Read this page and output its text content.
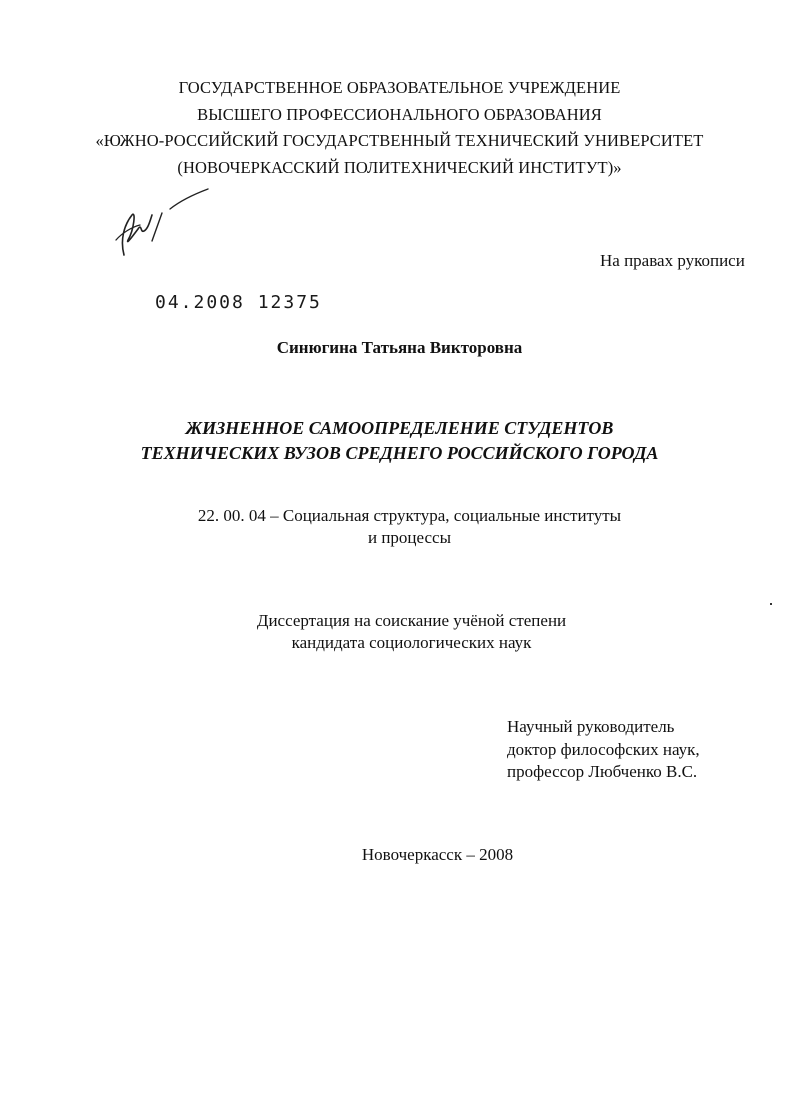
ГОСУДАРСТВЕННОЕ ОБРАЗОВАТЕЛЬНОЕ УЧРЕЖДЕНИЕ
ВЫСШЕГО ПРОФЕССИОНАЛЬНОГО ОБРАЗОВАНИЯ
«ЮЖНО-РОССИЙСКИЙ ГОСУДАРСТВЕННЫЙ ТЕХНИЧЕСКИЙ УНИВЕРСИТЕТ
(НОВОЧЕРКАССКИЙ ПОЛИТЕХНИЧЕСКИЙ ИНСТИТУТ)»
На правах рукописи
04.2008 12375
Синюгина Татьяна Викторовна
ЖИЗНЕННОЕ САМООПРЕДЕЛЕНИЕ СТУДЕНТОВ
ТЕХНИЧЕСКИХ ВУЗОВ СРЕДНЕГО РОССИЙСКОГО ГОРОДА
22. 00. 04 – Социальная структура, социальные институты
и процессы
Диссертация на соискание учёной степени
кандидата социологических наук
Научный руководитель
доктор философских наук,
профессор Любченко В.С.
Новочеркасск – 2008
